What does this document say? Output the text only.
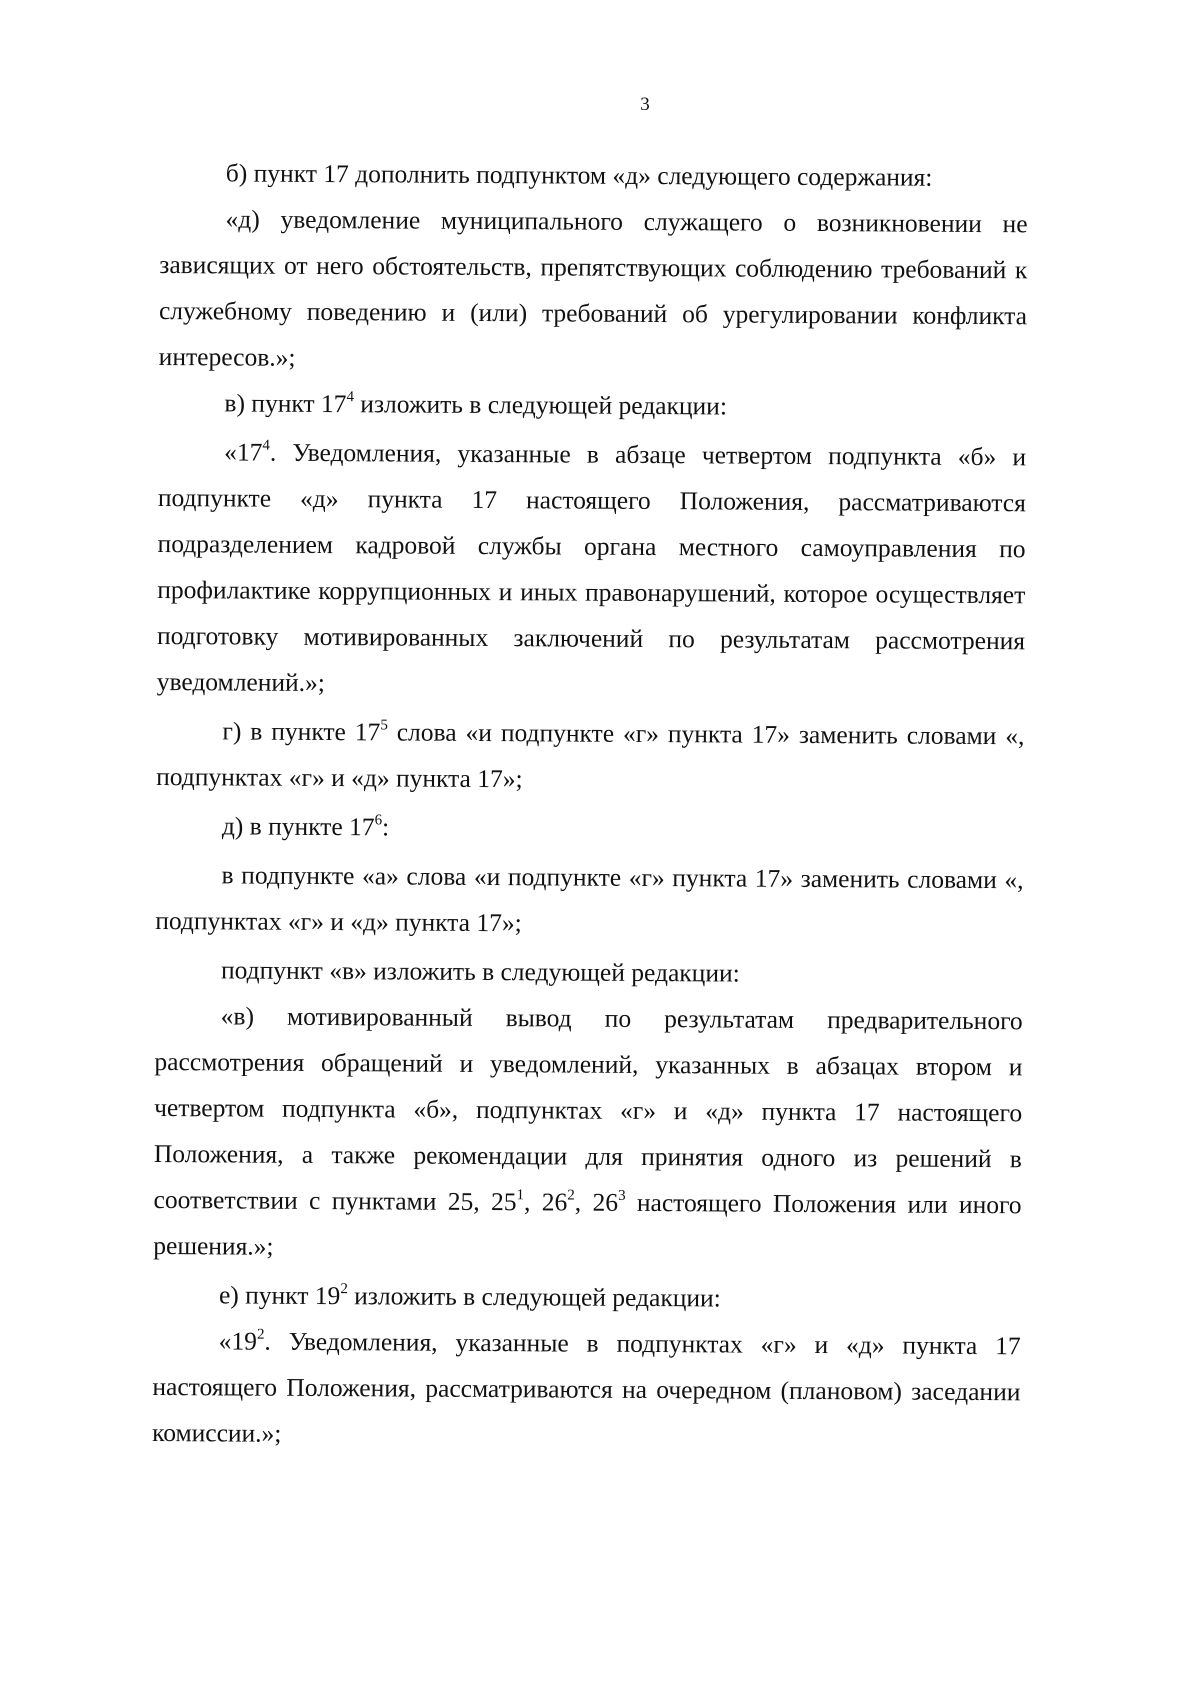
3

б) пункт 17 дополнить подпунктом «д» следующего содержания:

«д) уведомление муниципального служащего о возникновении не зависящих от него обстоятельств, препятствующих соблюдению требований к служебному поведению и (или) требований об урегулировании конфликта интересов.»;

в) пункт $17^4$ изложить в следующей редакции:

«$17^4$. Уведомления, указанные в абзаце четвертом подпункта «б» и подпункте «д» пункта 17 настоящего Положения, рассматриваются подразделением кадровой службы органа местного самоуправления по профилактике коррупционных и иных правонарушений, которое осуществляет подготовку мотивированных заключений по результатам рассмотрения уведомлений.»;

г) в пункте $17^5$ слова «и подпункте «г» пункта 17» заменить словами «, подпунктах «г» и «д» пункта 17»;

д) в пункте $17^6$:

в подпункте «а» слова «и подпункте «г» пункта 17» заменить словами «, подпунктах «г» и «д» пункта 17»;

подпункт «в» изложить в следующей редакции:

«в) мотивированный вывод по результатам предварительного рассмотрения обращений и уведомлений, указанных в абзацах втором и четвертом подпункта «б», подпунктах «г» и «д» пункта 17 настоящего Положения, а также рекомендации для принятия одного из решений в соответствии с пунктами 25, $25^1$, $26^2$, $26^3$ настоящего Положения или иного решения.»;

е) пункт $19^2$ изложить в следующей редакции:

«$19^2$. Уведомления, указанные в подпунктах «г» и «д» пункта 17 настоящего Положения, рассматриваются на очередном (плановом) заседании комиссии.»;
